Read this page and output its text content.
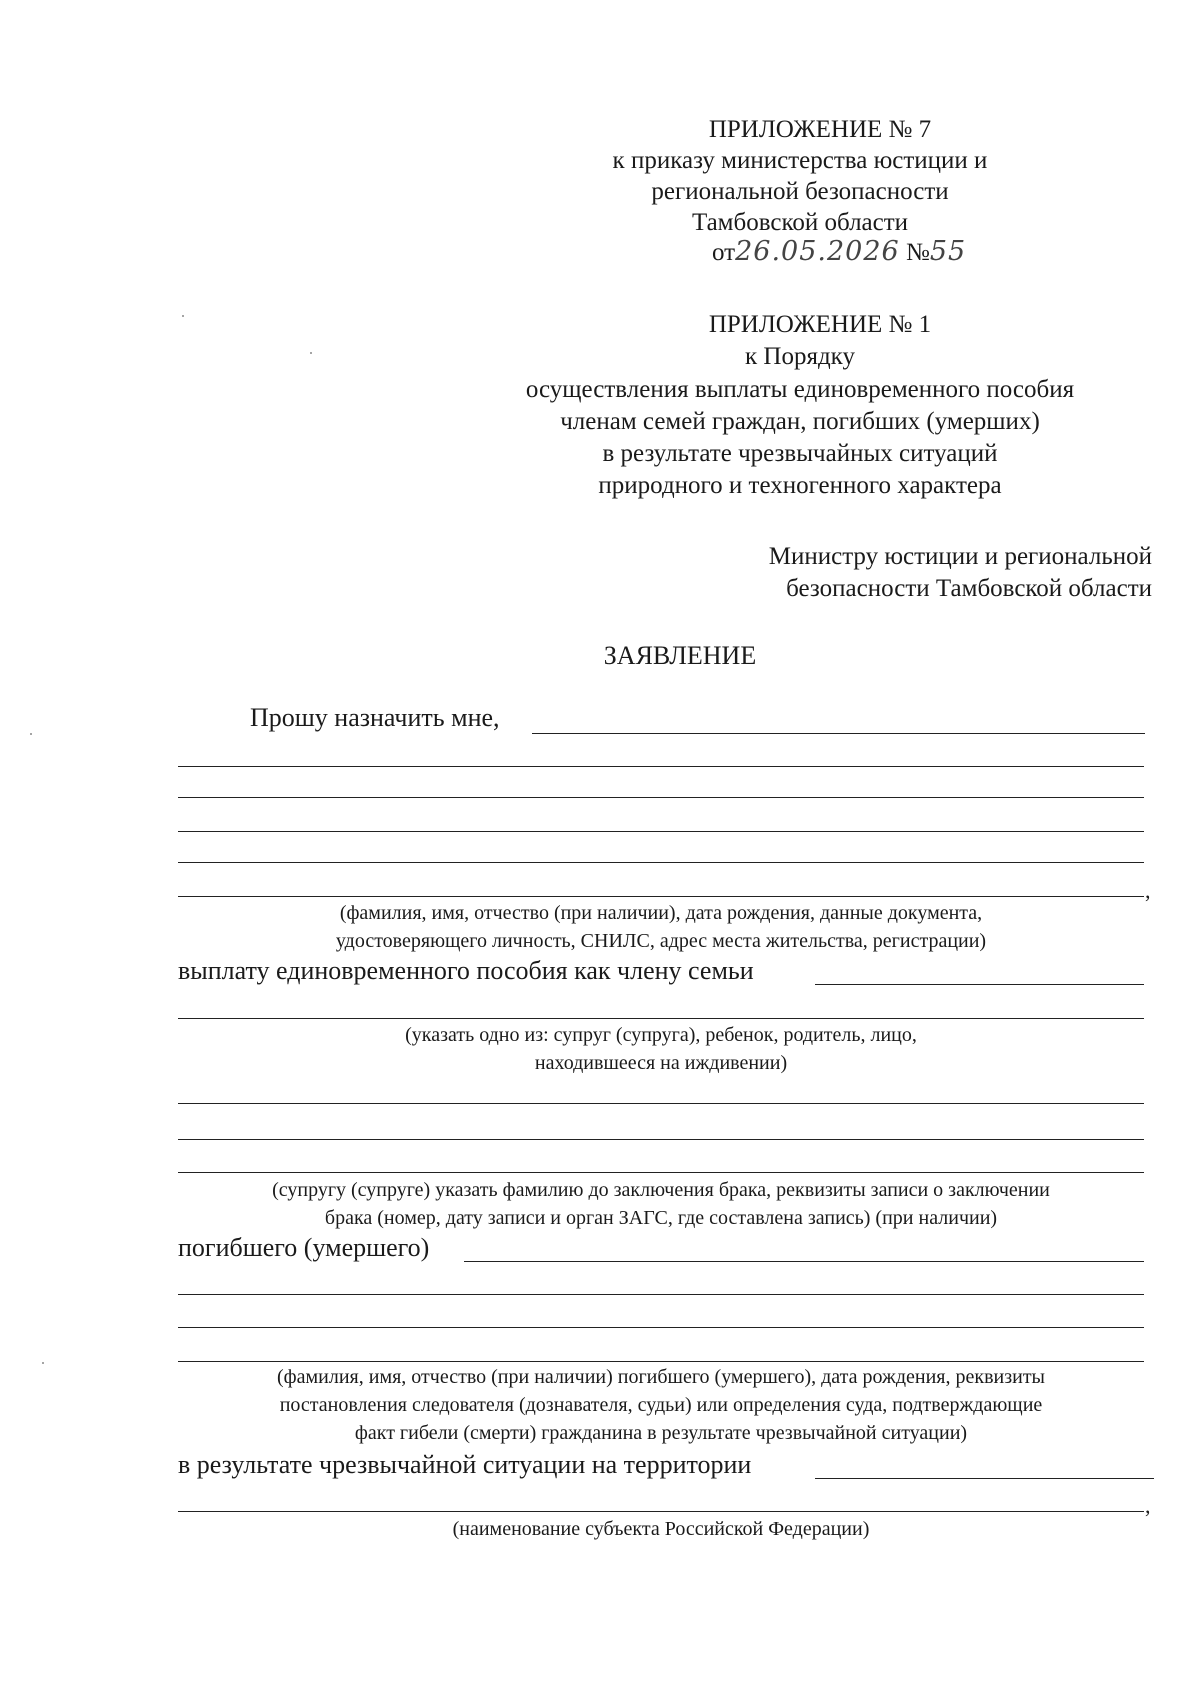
ПРИЛОЖЕНИЕ № 7
к приказу министерства юстиции и
региональной безопасности
Тамбовской области
от26.05.2026 №55
ПРИЛОЖЕНИЕ № 1
к Порядку
осуществления выплаты единовременного пособия
членам семей граждан, погибших (умерших)
в результате чрезвычайных ситуаций
природного и техногенного характера
Министру юстиции и региональной
безопасности Тамбовской области
ЗАЯВЛЕНИЕ
Прошу назначить мне,
,
(фамилия, имя, отчество (при наличии), дата рождения, данные документа,
удостоверяющего личность, СНИЛС, адрес места жительства, регистрации)
выплату единовременного пособия как члену семьи
(указать одно из: супруг (супруга), ребенок, родитель, лицо,
находившееся на иждивении)
(супругу (супруге) указать фамилию до заключения брака, реквизиты записи о заключении
брака (номер, дату записи и орган ЗАГС, где составлена запись) (при наличии)
погибшего (умершего)
(фамилия, имя, отчество (при наличии) погибшего (умершего), дата рождения, реквизиты
постановления следователя (дознавателя, судьи) или определения суда, подтверждающие
факт гибели (смерти) гражданина в результате чрезвычайной ситуации)
в результате чрезвычайной ситуации на территории
,
(наименование субъекта Российской Федерации)
